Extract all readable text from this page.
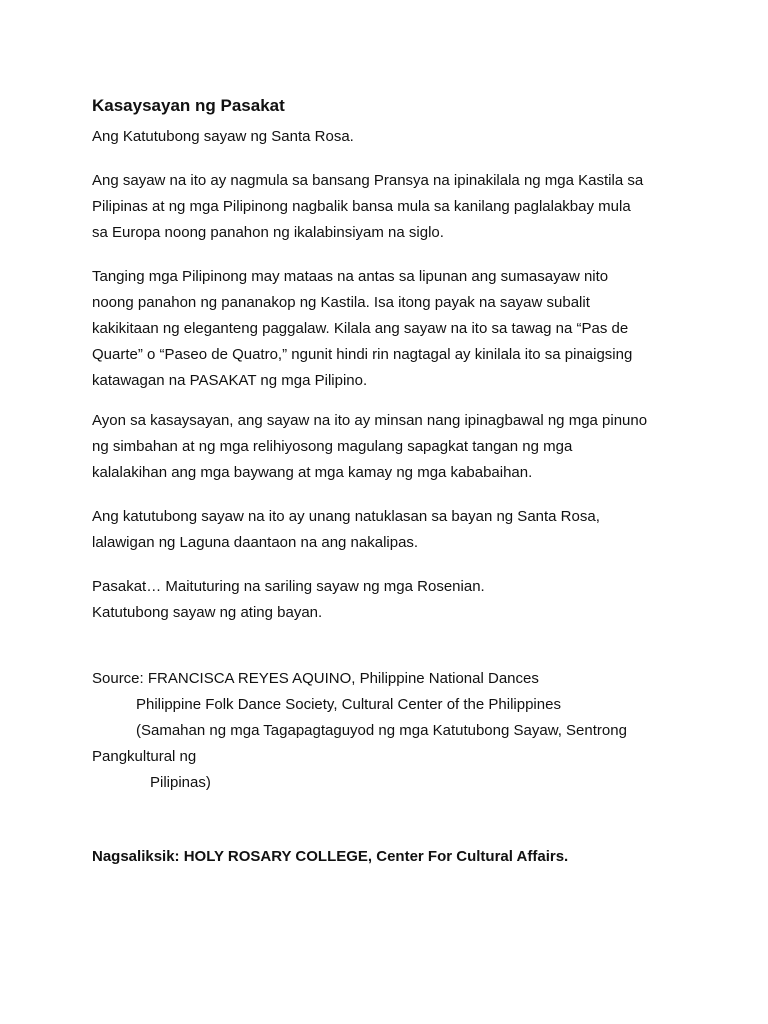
Kasaysayan ng Pasakat
Ang Katutubong sayaw ng Santa Rosa.
Ang sayaw na ito ay nagmula sa bansang Pransya na ipinakilala ng mga Kastila sa
Pilipinas at ng mga Pilipinong nagbalik bansa mula sa kanilang paglalakbay mula
sa Europa noong panahon ng ikalabinsiyam na siglo.
Tanging mga Pilipinong may mataas na antas sa lipunan ang sumasayaw nito
noong panahon ng pananakop ng Kastila. Isa itong payak na sayaw subalit
kakikitaan ng eleganteng paggalaw. Kilala ang sayaw na ito sa tawag na “Pas de
Quarte” o “Paseo de Quatro,” ngunit hindi rin nagtagal ay kinilala ito sa pinaigsing
katawagan na PASAKAT ng mga Pilipino.
Ayon sa kasaysayan, ang sayaw na ito ay minsan nang ipinagbawal ng mga pinuno
ng simbahan at ng mga relihiyosong magulang sapagkat tangan ng mga
kalalakihan ang mga baywang at mga kamay ng mga kababaihan.
Ang katutubong sayaw na ito ay unang natuklasan sa bayan ng Santa Rosa,
lalawigan ng Laguna daantaon na ang nakalipas.
Pasakat… Maituturing na sariling sayaw ng mga Rosenian.
Katutubong sayaw ng ating bayan.
Source: FRANCISCA REYES AQUINO, Philippine National Dances
Philippine Folk Dance Society, Cultural Center of the Philippines
(Samahan ng mga Tagapagtaguyod ng mga Katutubong Sayaw, Sentrong
Pangkultural ng
Pilipinas)
Nagsaliksik: HOLY ROSARY COLLEGE, Center For Cultural Affairs.
